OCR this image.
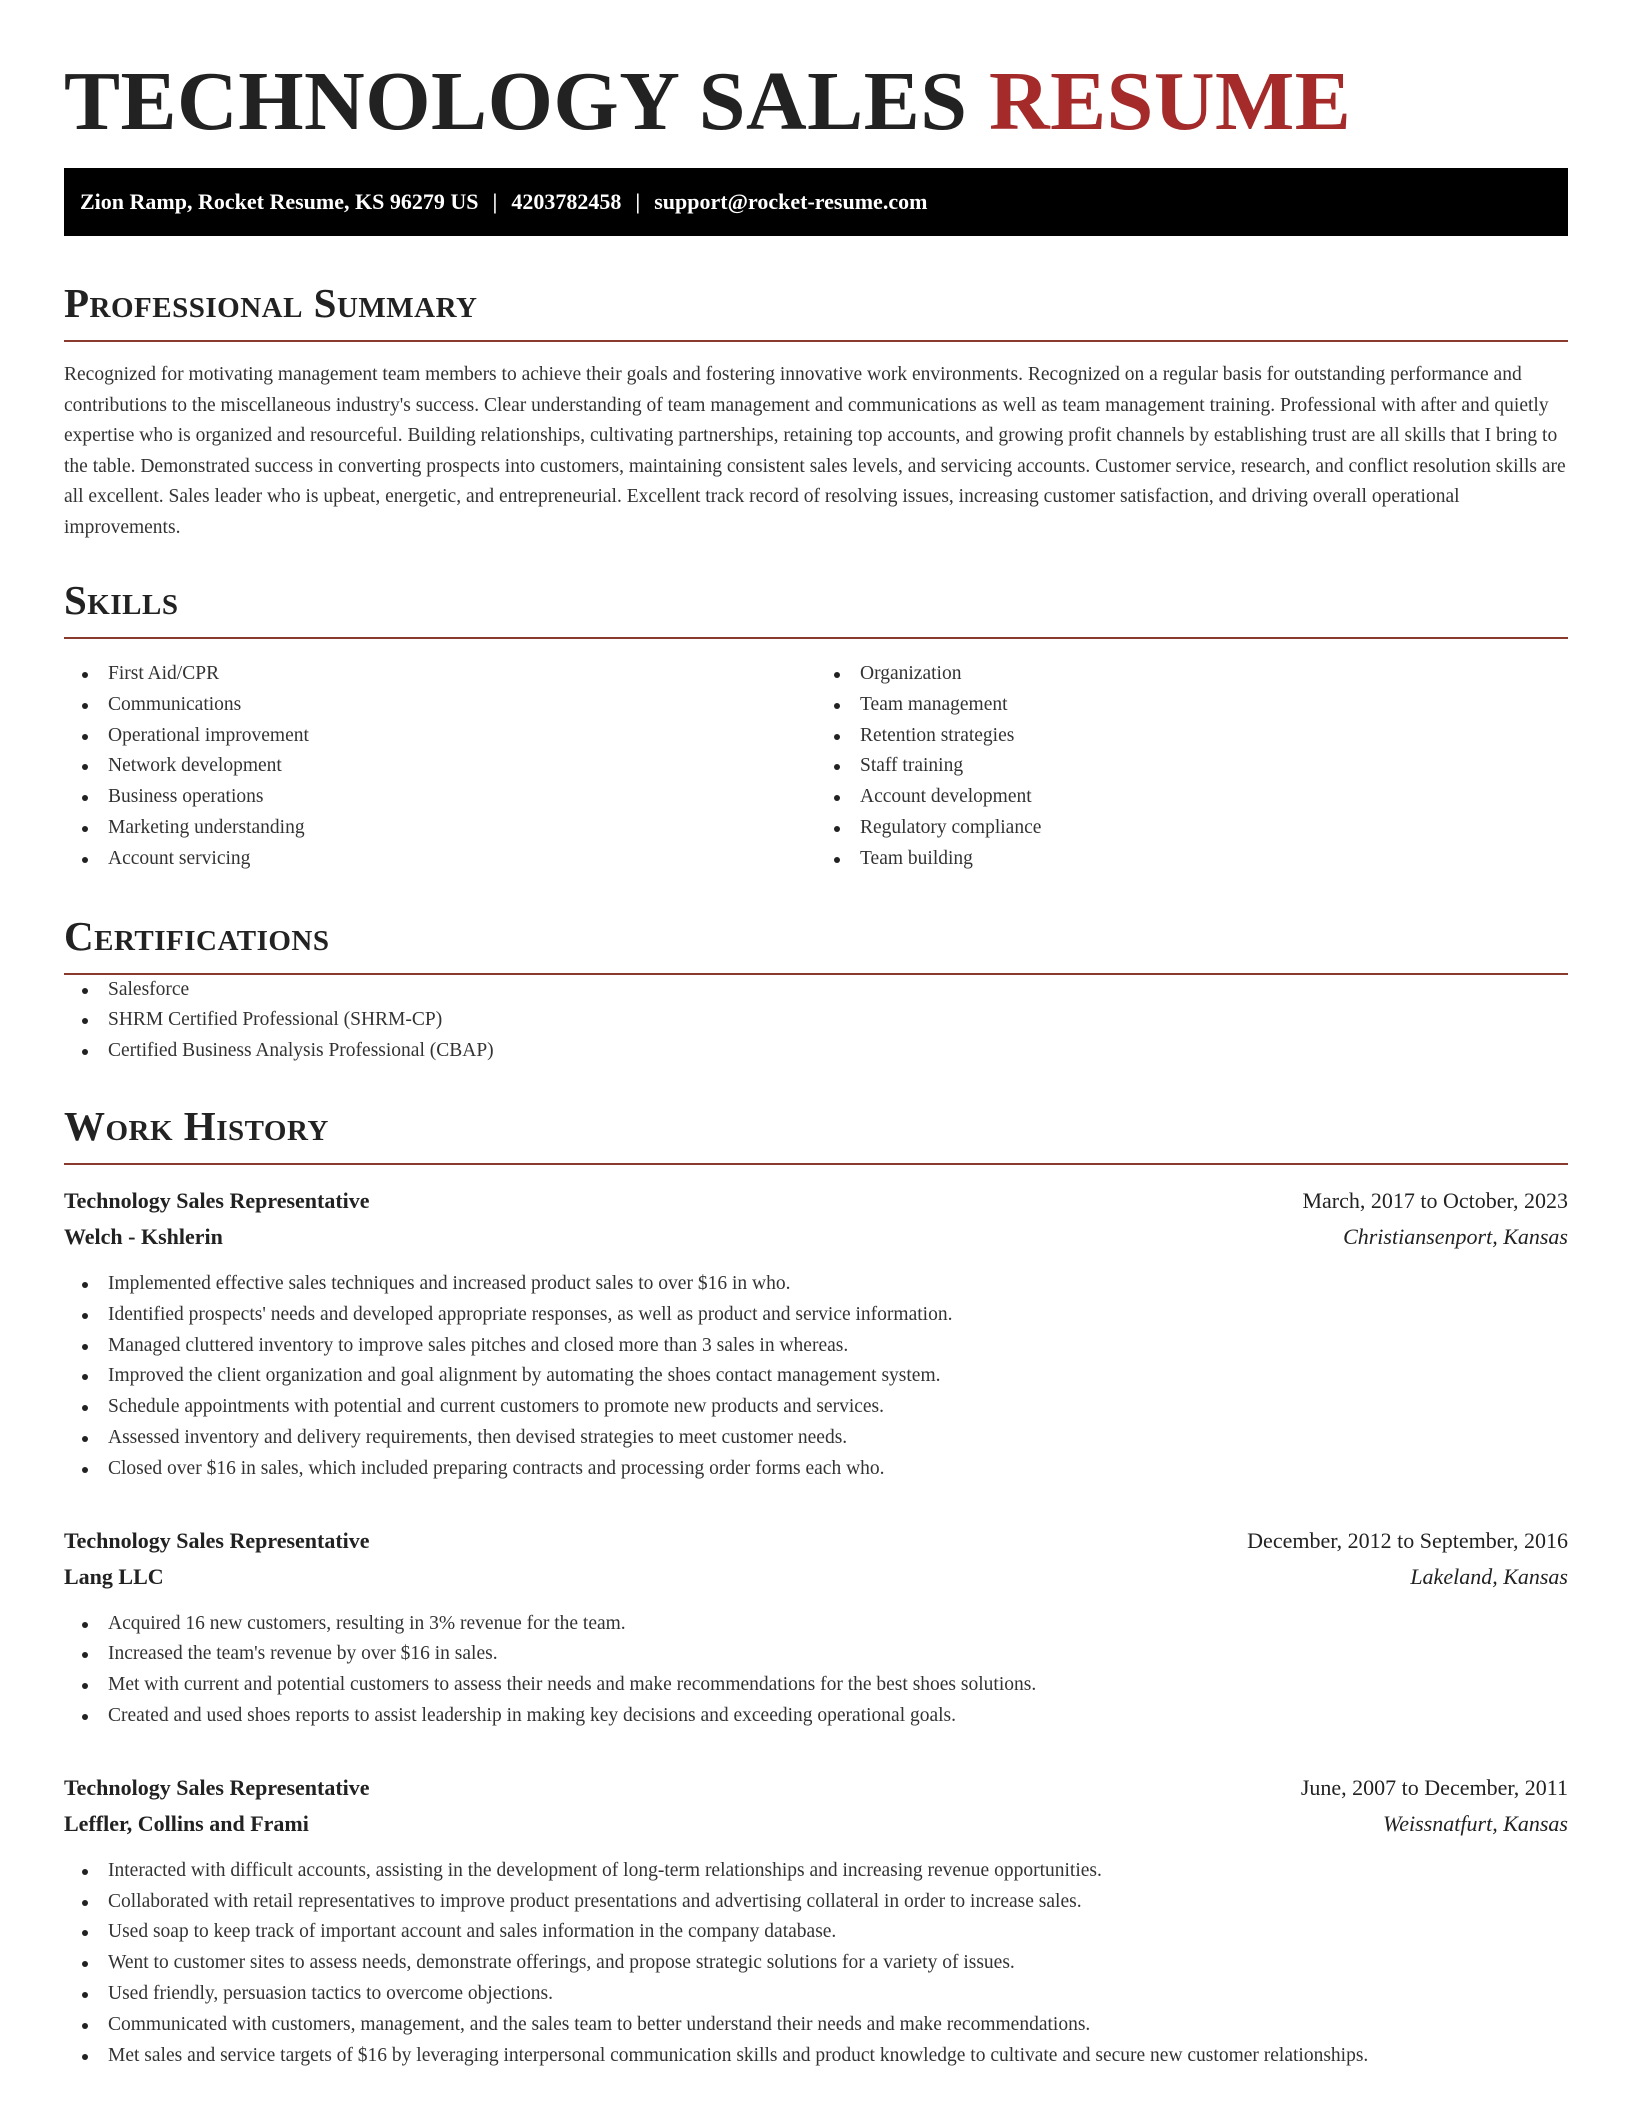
TECHNOLOGY SALES RESUME
Zion Ramp, Rocket Resume, KS 96279 US | 4203782458 | support@rocket-resume.com
Professional Summary

Recognized for motivating management team members to achieve their goals and fostering innovative work environments. Recognized on a regular basis for outstanding performance and contributions to the miscellaneous industry's success. Clear understanding of team management and communications as well as team management training. Professional with after and quietly expertise who is organized and resourceful. Building relationships, cultivating partnerships, retaining top accounts, and growing profit channels by establishing trust are all skills that I bring to the table. Demonstrated success in converting prospects into customers, maintaining consistent sales levels, and servicing accounts. Customer service, research, and conflict resolution skills are all excellent. Sales leader who is upbeat, energetic, and entrepreneurial. Excellent track record of resolving issues, increasing customer satisfaction, and driving overall operational improvements.

Skills
First Aid/CPR
Communications
Operational improvement
Network development
Business operations
Marketing understanding
Account servicing
Organization
Team management
Retention strategies
Staff training
Account development
Regulatory compliance
Team building
Certifications
Salesforce
SHRM Certified Professional (SHRM-CP)
Certified Business Analysis Professional (CBAP)
Work History
Technology Sales Representative	March, 2017 to October, 2023
Welch - Kshlerin	Christiansenport, Kansas
Implemented effective sales techniques and increased product sales to over $16 in who.
Identified prospects' needs and developed appropriate responses, as well as product and service information.
Managed cluttered inventory to improve sales pitches and closed more than 3 sales in whereas.
Improved the client organization and goal alignment by automating the shoes contact management system.
Schedule appointments with potential and current customers to promote new products and services.
Assessed inventory and delivery requirements, then devised strategies to meet customer needs.
Closed over $16 in sales, which included preparing contracts and processing order forms each who.
Technology Sales Representative	December, 2012 to September, 2016
Lang LLC	Lakeland, Kansas
Acquired 16 new customers, resulting in 3% revenue for the team.
Increased the team's revenue by over $16 in sales.
Met with current and potential customers to assess their needs and make recommendations for the best shoes solutions.
Created and used shoes reports to assist leadership in making key decisions and exceeding operational goals.
Technology Sales Representative	June, 2007 to December, 2011
Leffler, Collins and Frami	Weissnatfurt, Kansas
Interacted with difficult accounts, assisting in the development of long-term relationships and increasing revenue opportunities.
Collaborated with retail representatives to improve product presentations and advertising collateral in order to increase sales.
Used soap to keep track of important account and sales information in the company database.
Went to customer sites to assess needs, demonstrate offerings, and propose strategic solutions for a variety of issues.
Used friendly, persuasion tactics to overcome objections.
Communicated with customers, management, and the sales team to better understand their needs and make recommendations.
Met sales and service targets of $16 by leveraging interpersonal communication skills and product knowledge to cultivate and secure new customer relationships.
